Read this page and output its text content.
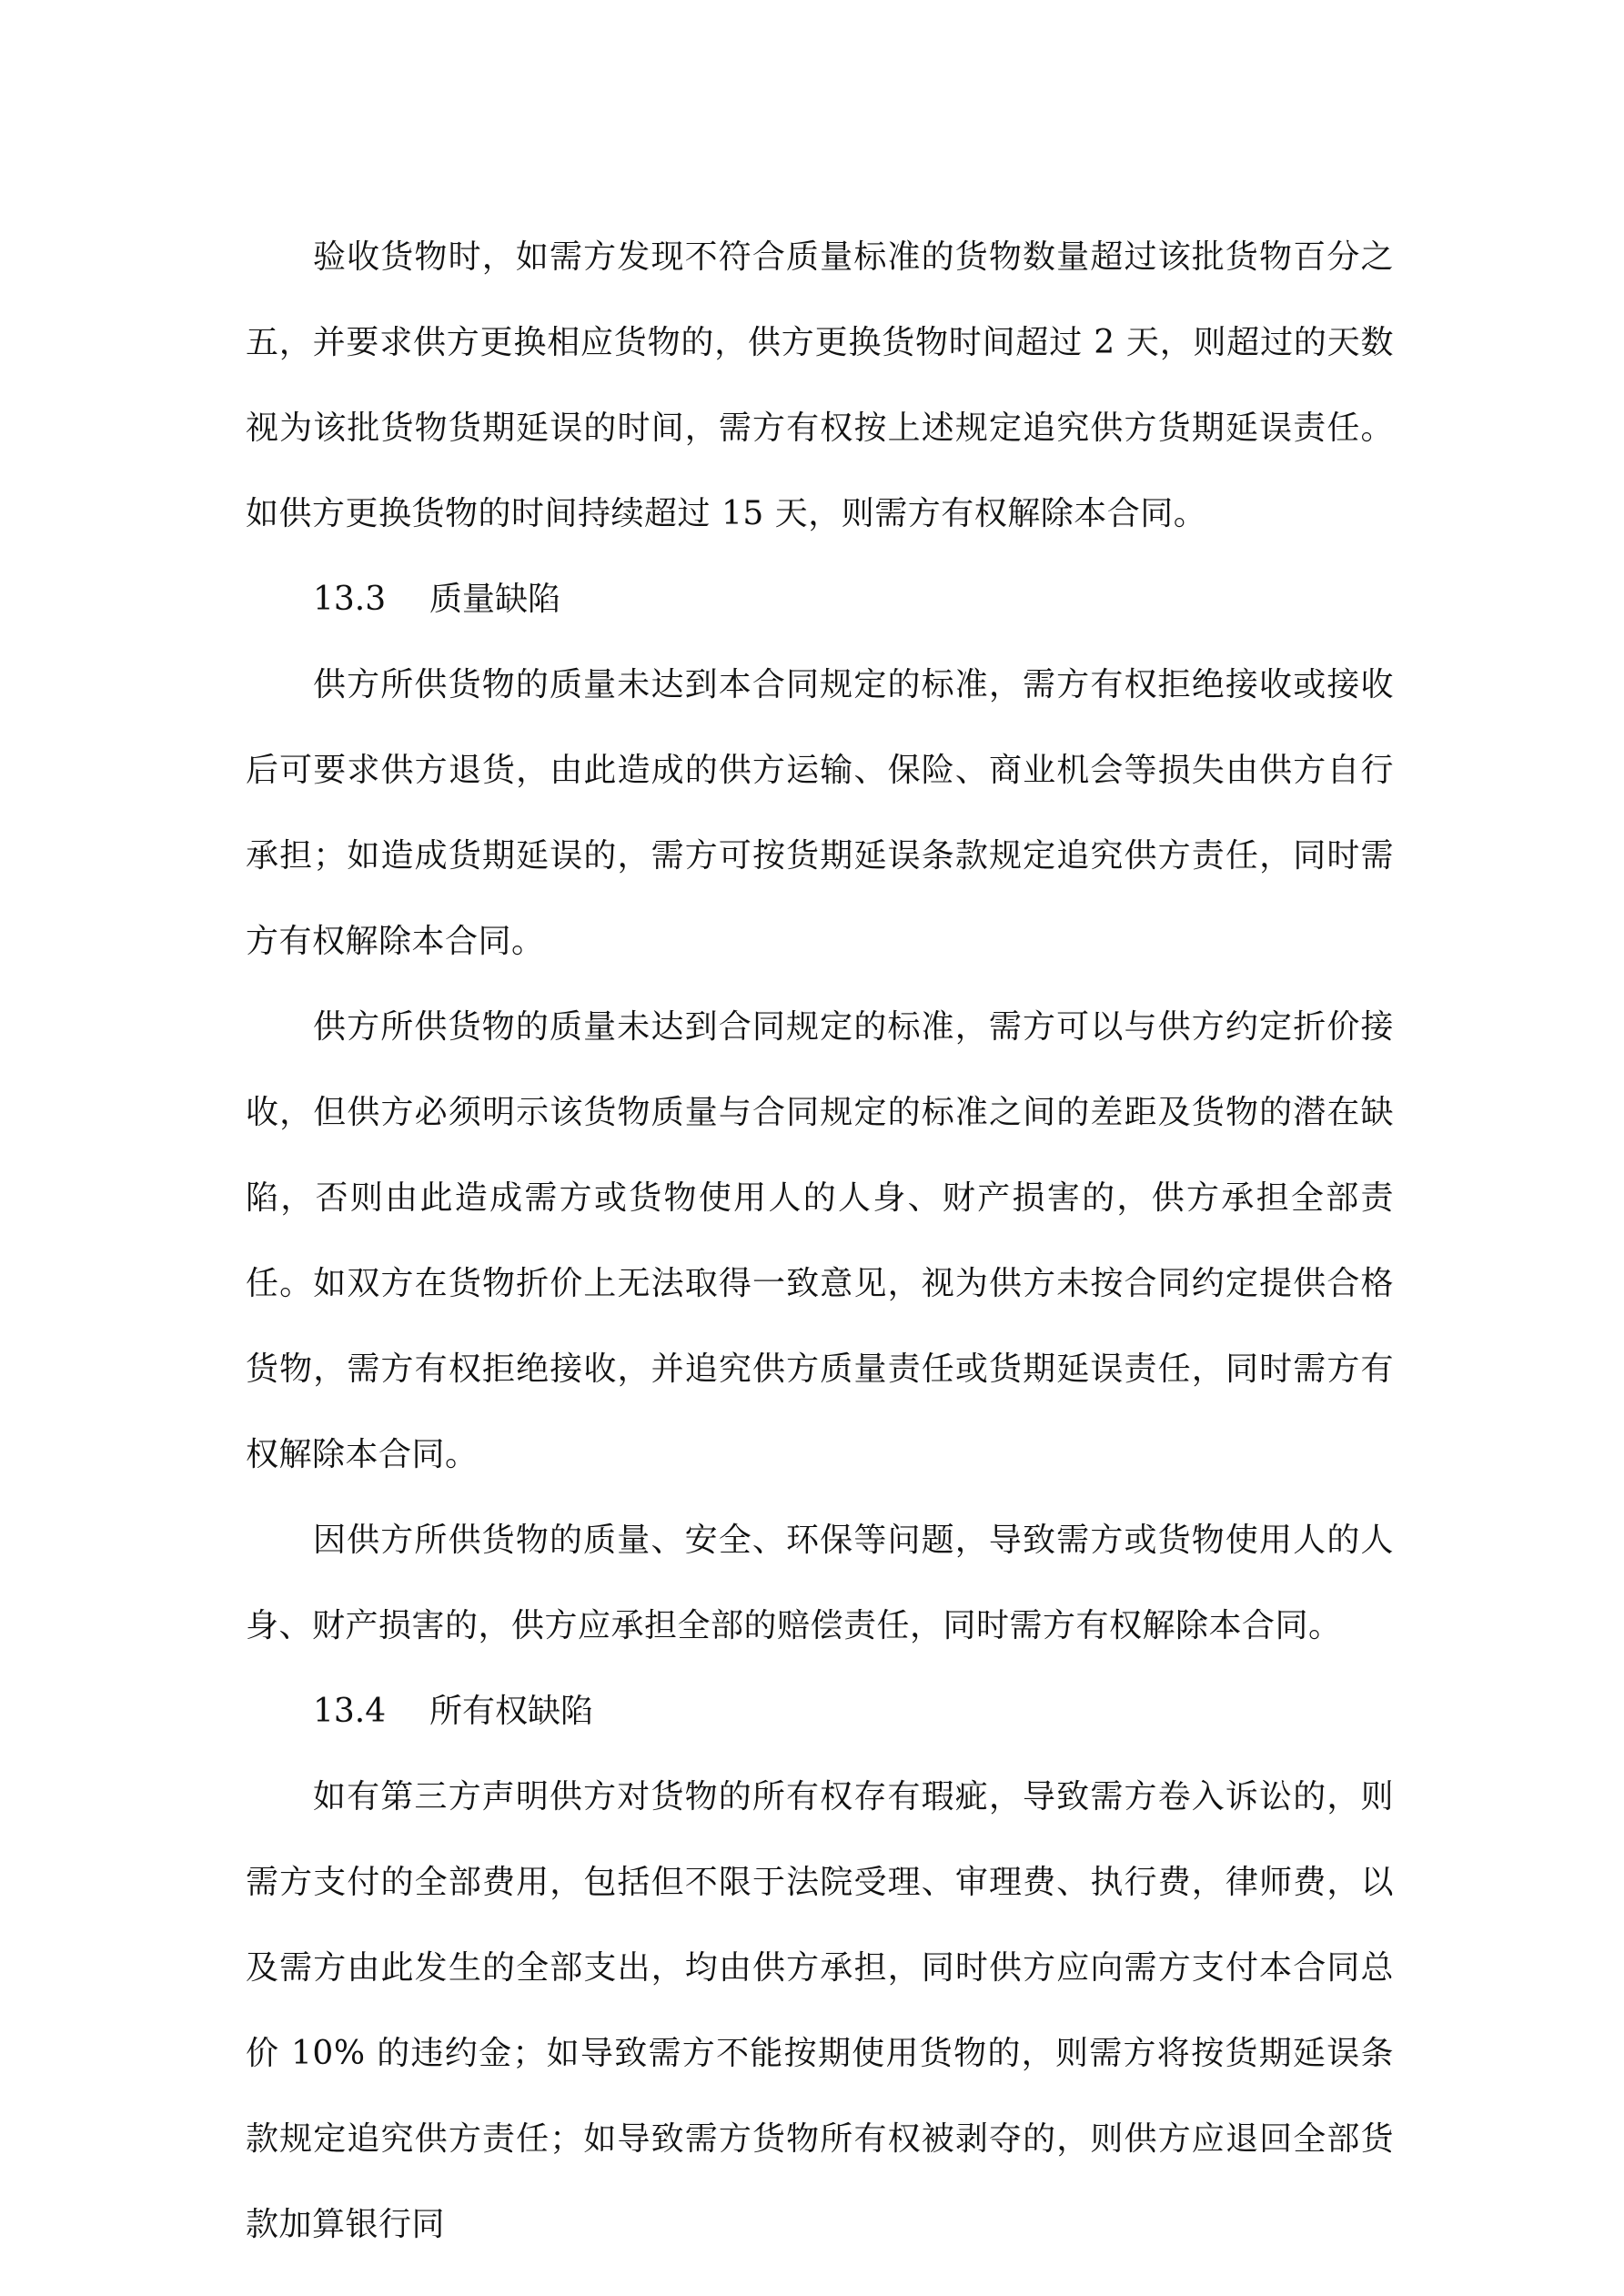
验收货物时，如需方发现不符合质量标准的货物数量超过该批货物百分之五，并要求供方更换相应货物的，供方更换货物时间超过 2 天，则超过的天数视为该批货物货期延误的时间，需方有权按上述规定追究供方货期延误责任。如供方更换货物的时间持续超过 15 天，则需方有权解除本合同。

13.3 质量缺陷

供方所供货物的质量未达到本合同规定的标准，需方有权拒绝接收或接收后可要求供方退货，由此造成的供方运输、保险、商业机会等损失由供方自行承担；如造成货期延误的，需方可按货期延误条款规定追究供方责任，同时需方有权解除本合同。

供方所供货物的质量未达到合同规定的标准，需方可以与供方约定折价接收，但供方必须明示该货物质量与合同规定的标准之间的差距及货物的潜在缺陷，否则由此造成需方或货物使用人的人身、财产损害的，供方承担全部责任。如双方在货物折价上无法取得一致意见，视为供方未按合同约定提供合格货物，需方有权拒绝接收，并追究供方质量责任或货期延误责任，同时需方有权解除本合同。

因供方所供货物的质量、安全、环保等问题，导致需方或货物使用人的人身、财产损害的，供方应承担全部的赔偿责任，同时需方有权解除本合同。

13.4 所有权缺陷

如有第三方声明供方对货物的所有权存有瑕疵，导致需方卷入诉讼的，则需方支付的全部费用，包括但不限于法院受理、审理费、执行费，律师费，以及需方由此发生的全部支出，均由供方承担，同时供方应向需方支付本合同总价 10% 的违约金；如导致需方不能按期使用货物的，则需方将按货期延误条款规定追究供方责任；如导致需方货物所有权被剥夺的，则供方应退回全部货款加算银行同
